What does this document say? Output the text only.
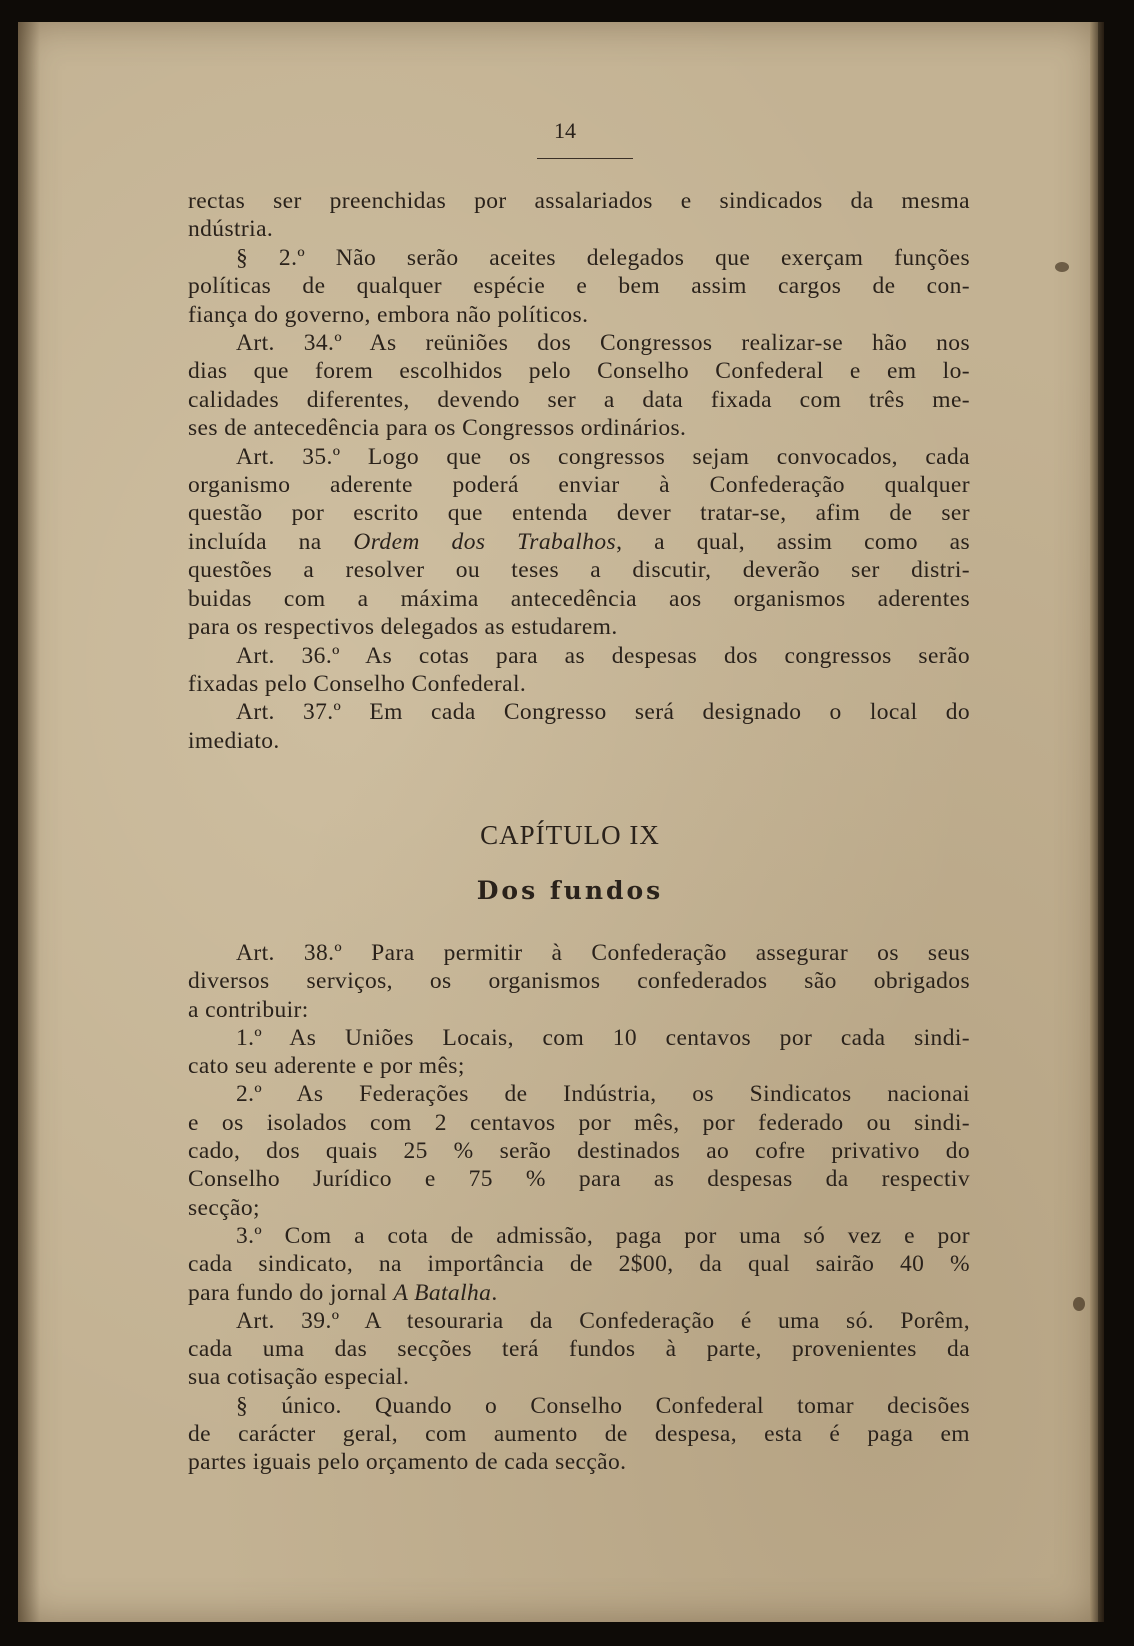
14
rectas ser preenchidas por assalariados e sindicados da mesma
ndústria.
§ 2.º Não serão aceites delegados que exerçam funções
políticas de qualquer espécie e bem assim cargos de con-
fiança do governo, embora não políticos.
Art. 34.º As reüniões dos Congressos realizar-se hão nos
dias que forem escolhidos pelo Conselho Confederal e em lo-
calidades diferentes, devendo ser a data fixada com três me-
ses de antecedência para os Congressos ordinários.
Art. 35.º Logo que os congressos sejam convocados, cada
organismo aderente poderá enviar à Confederação qualquer
questão por escrito que entenda dever tratar-se, afim de ser
incluída na Ordem dos Trabalhos, a qual, assim como as
questões a resolver ou teses a discutir, deverão ser distri-
buidas com a máxima antecedência aos organismos aderentes
para os respectivos delegados as estudarem.
Art. 36.º As cotas para as despesas dos congressos serão
fixadas pelo Conselho Confederal.
Art. 37.º Em cada Congresso será designado o local do
imediato.
CAPÍTULO IX
Dos fundos
Art. 38.º Para permitir à Confederação assegurar os seus
diversos serviços, os organismos confederados são obrigados
a contribuir:
1.º As Uniões Locais, com 10 centavos por cada sindi-
cato seu aderente e por mês;
2.º As Federações de Indústria, os Sindicatos nacionai
e os isolados com 2 centavos por mês, por federado ou sindi-
cado, dos quais 25 % serão destinados ao cofre privativo do
Conselho Jurídico e 75 % para as despesas da respectiv
secção;
3.º Com a cota de admissão, paga por uma só vez e por
cada sindicato, na importância de 2$00, da qual sairão 40 %
para fundo do jornal A Batalha.
Art. 39.º A tesouraria da Confederação é uma só. Porêm,
cada uma das secções terá fundos à parte, provenientes da
sua cotisação especial.
§ único. Quando o Conselho Confederal tomar decisões
de carácter geral, com aumento de despesa, esta é paga em
partes iguais pelo orçamento de cada secção.
